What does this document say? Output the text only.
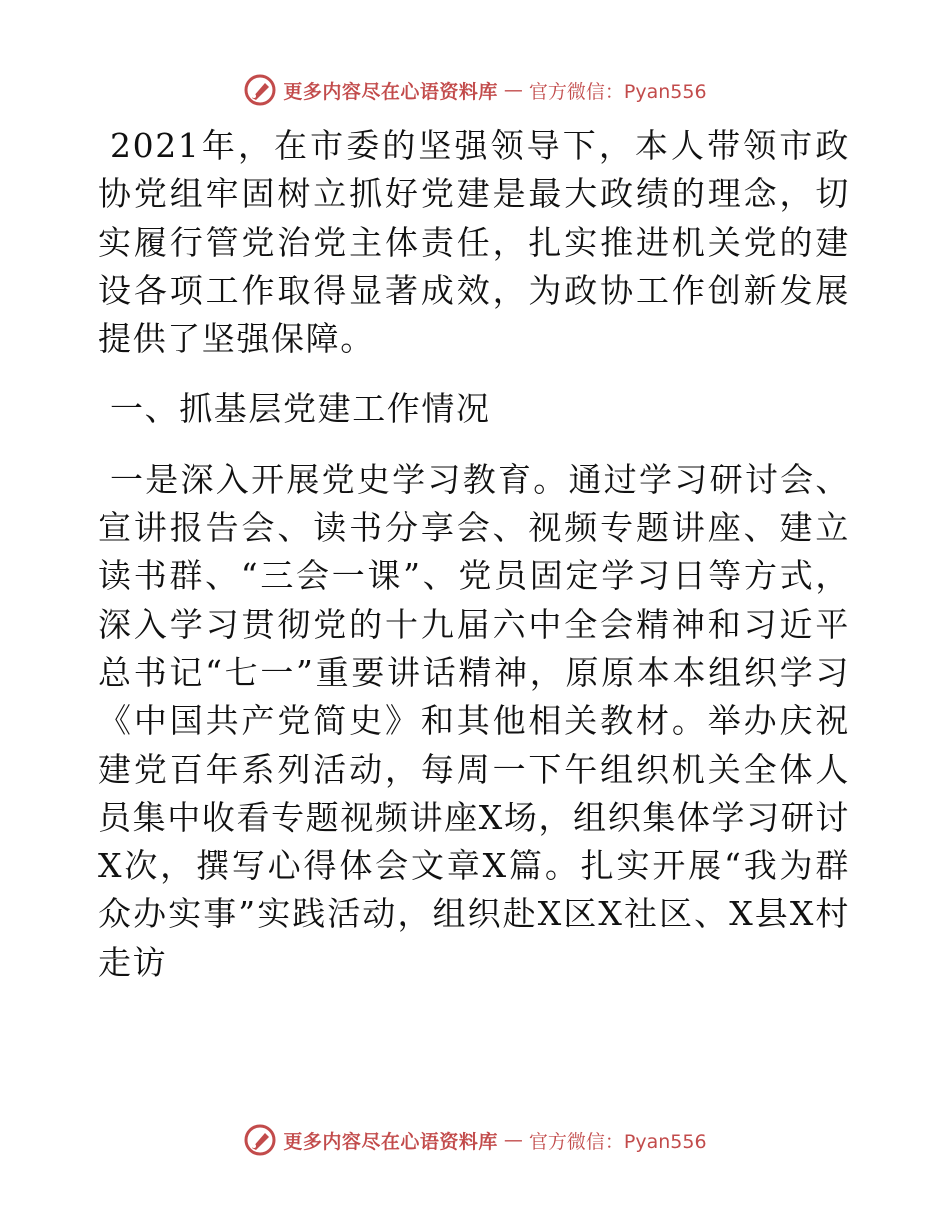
更多内容尽在心语资料库 — 官方微信：Pyan556

2021年，在市委的坚强领导下，本人带领市政协党组牢固树立抓好党建是最大政绩的理念，切实履行管党治党主体责任，扎实推进机关党的建设各项工作取得显著成效，为政协工作创新发展提供了坚强保障。

一、抓基层党建工作情况

一是深入开展党史学习教育。通过学习研讨会、宣讲报告会、读书分享会、视频专题讲座、建立读书群、“三会一课”、党员固定学习日等方式，深入学习贯彻党的十九届六中全会精神和习近平总书记“七一”重要讲话精神，原原本本组织学习《中国共产党简史》和其他相关教材。举办庆祝建党百年系列活动，每周一下午组织机关全体人员集中收看专题视频讲座X场，组织集体学习研讨X次，撰写心得体会文章X篇。扎实开展“我为群众办实事”实践活动，组织赴X区X社区、X县X村走访

更多内容尽在心语资料库 — 官方微信：Pyan556
